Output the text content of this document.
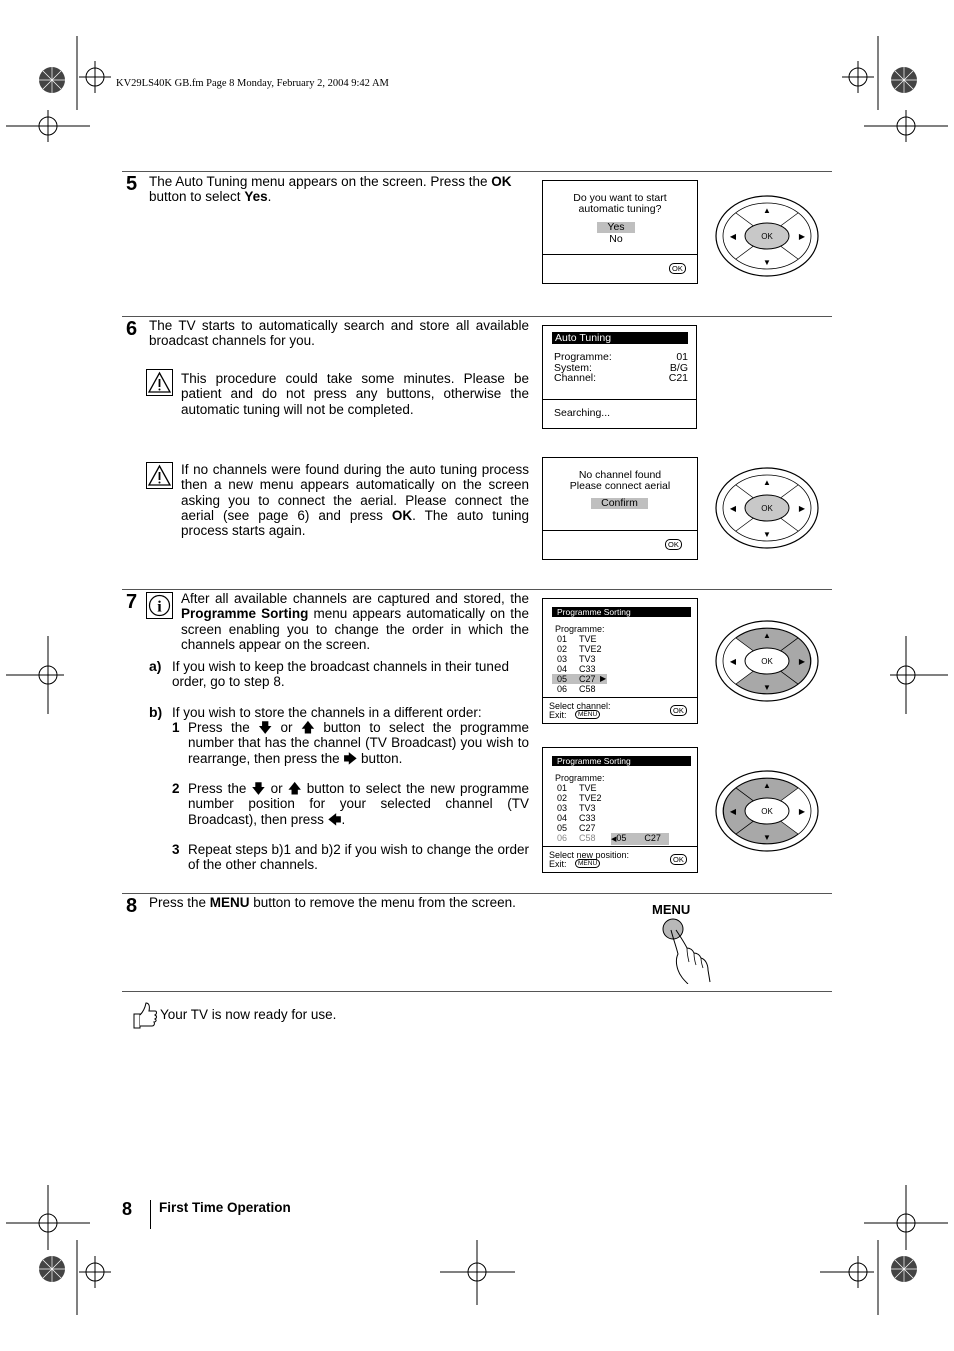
KV29LS40K GB.fm Page 8 Monday, February 2, 2004 9:42 AM
5 The Auto Tuning menu appears on the screen. Press the OK button to select Yes.	Do you want to start
automatic tuning?
Yes
No
OK
6 The TV starts to automatically search and store all available broadcast channels for you.
This procedure could take some minutes. Please be patient and do not press any buttons, otherwise the automatic tuning will not be completed.
If no channels were found during the auto tuning process then a new menu appears automatically on the screen asking you to connect the aerial. Please connect the aerial (see page 6) and press OK. The auto tuning process starts again.
Auto Tuning
Programme:	01
System:	B/G
Channel:	C21
Searching...
No channel found
Please connect aerial
Confirm
OK
7 i After all available channels are captured and stored, the Programme Sorting menu appears automatically on the screen enabling you to change the order in which the channels appear on the screen.
a) If you wish to keep the broadcast channels in their tuned order, go to step 8.
b) If you wish to store the channels in a different order:
1 Press the 🡇 or 🡅 button to select the programme number that has the channel (TV Broadcast) you wish to rearrange, then press the 🡆 button.
2 Press the 🡇 or 🡅 button to select the new programme number position for your selected channel (TV Broadcast), then press 🡄.
3 Repeat steps b)1 and b)2 if you wish to change the order of the other channels.
Programme Sorting
Programme:
01 TVE
02 TVE2
03 TV3
04 C33
05 C27 ▶
06 C58
Select channel:
Exit:	MENU	OK
Programme Sorting
Programme:
01 TVE
02 TVE2
03 TV3
04 C33
05 C27
06 C58 ◀05 C27
Select new position:
Exit:	MENU	OK
OK
▲
▼
◀	▶
OK
▲
▼
◀	▶
OK
▲
▼
◀	▶
OK
▲
▼
◀	▶
8 Press the MENU button to remove the menu from the screen.	MENU
Your TV is now ready for use.
8 First Time Operation
